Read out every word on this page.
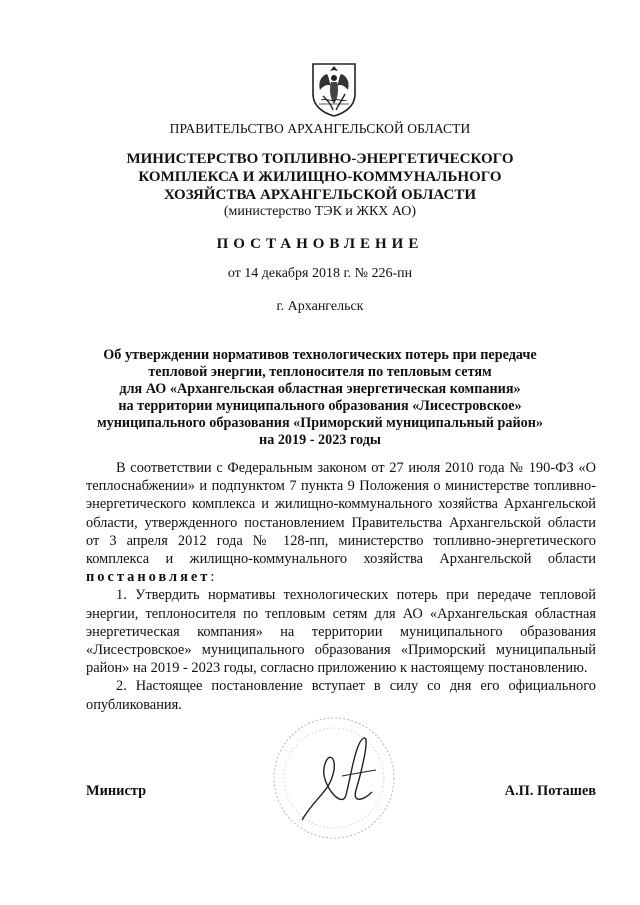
ПРАВИТЕЛЬСТВО АРХАНГЕЛЬСКОЙ ОБЛАСТИ
МИНИСТЕРСТВО ТОПЛИВНО-ЭНЕРГЕТИЧЕСКОГО
КОМПЛЕКСА И ЖИЛИЩНО-КОММУНАЛЬНОГО
ХОЗЯЙСТВА АРХАНГЕЛЬСКОЙ ОБЛАСТИ
(министерство ТЭК и ЖКХ АО)
ПОСТАНОВЛЕНИЕ
от 14 декабря 2018 г. № 226-пн
г. Архангельск
Об утверждении нормативов технологических потерь при передаче
тепловой энергии, теплоносителя по тепловым сетям
для АО «Архангельская областная энергетическая компания»
на территории муниципального образования «Лисестровское»
муниципального образования «Приморский муниципальный район»
на 2019 - 2023 годы

В соответствии с Федеральным законом от 27 июля 2010 года № 190-ФЗ «О теплоснабжении» и подпунктом 7 пункта 9 Положения о министерстве топливно-энергетического комплекса и жилищно-коммунального хозяйства Архангельской области, утвержденного постановлением Правительства Архангельской области от 3 апреля 2012 года № 128-пп, министерство топливно-энергетического комплекса и жилищно-коммунального хозяйства Архангельской области постановляет:

1. Утвердить нормативы технологических потерь при передаче тепловой энергии, теплоносителя по тепловым сетям для АО «Архангельская областная энергетическая компания» на территории муниципального образования «Лисестровское» муниципального образования «Приморский муниципальный район» на 2019 - 2023 годы, согласно приложению к настоящему постановлению.

2. Настоящее постановление вступает в силу со дня его официального опубликования.

Министр	А.П. Поташев
